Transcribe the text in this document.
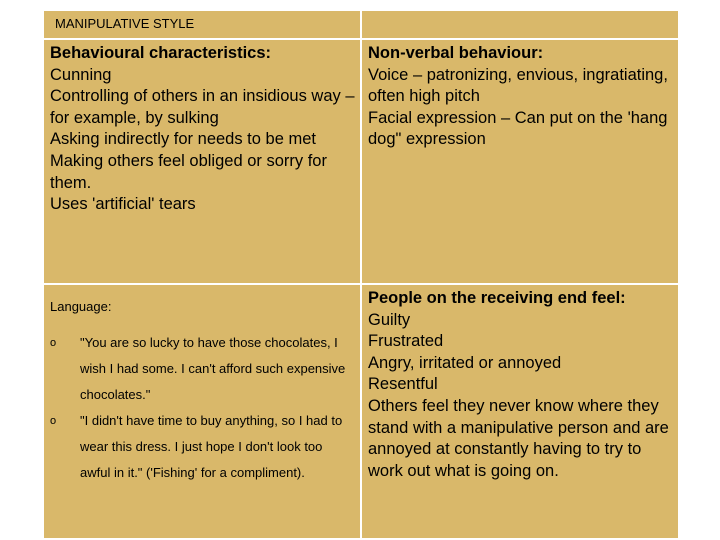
MANIPULATIVE STYLE
Behavioural characteristics:
Cunning
Controlling of others in an insidious way – for example, by sulking
Asking indirectly for needs to be met
Making others feel obliged or sorry for them.
Uses 'artificial' tears
Non-verbal behaviour:
Voice – patronizing, envious, ingratiating, often high pitch
Facial expression – Can put on the 'hang dog" expression
Language:
o	"You are so lucky to have those chocolates, I wish I had some. I can't afford such expensive chocolates."
o	"I didn't have time to buy anything, so I had to wear this dress. I just hope I don't look too awful in it." ('Fishing' for a compliment).
People on the receiving end feel:
Guilty
Frustrated
Angry, irritated or annoyed
Resentful
Others feel they never know where they stand with a manipulative person and are annoyed at constantly having to try to work out what is going on.
